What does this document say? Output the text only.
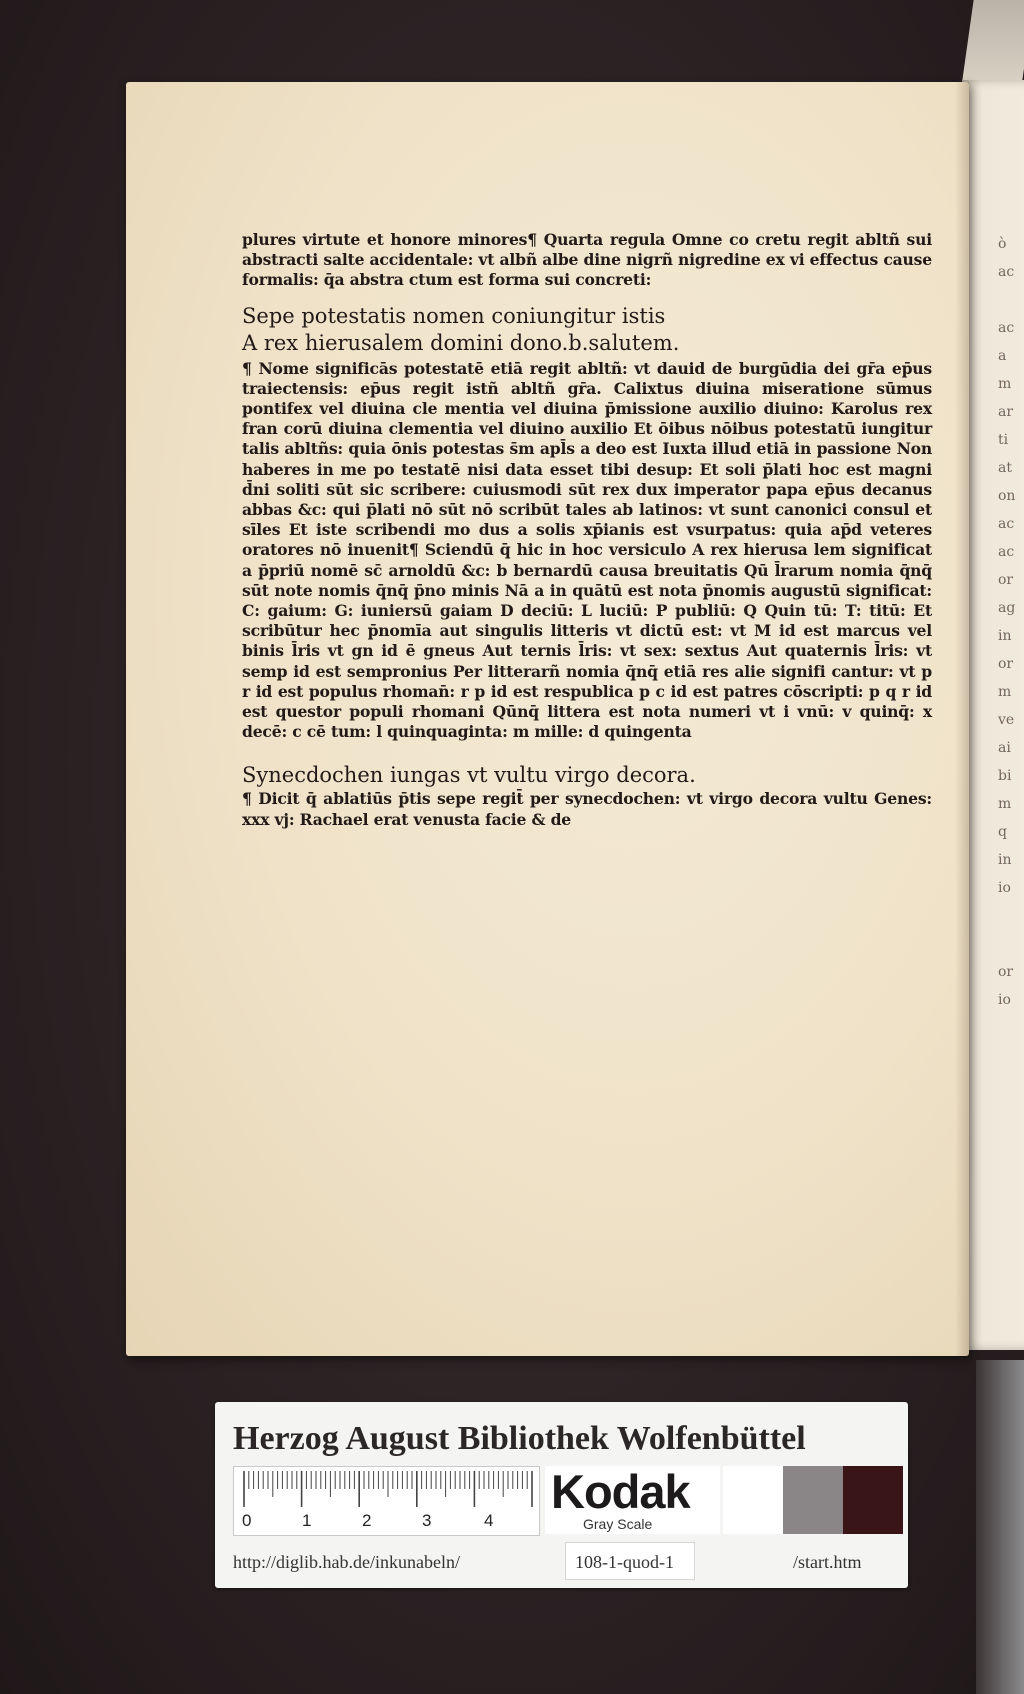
ò
ac

ac
a
m
ar
ti
at
on
ac
ac
or
ag
in
or
m
ve
ai
bi
m
q
in
io

or
io

plures virtute et honore minores¶ Quarta regula Omne co cretu regit abltñ sui abstracti salte accidentale: vt albñ albe dine nigrñ nigredine ex vi effectus cause formalis: q̄a abstra ctum est forma sui concreti:

Sepe potestatis nomen coniungitur istis

A rex hierusalem domini dono.b.salutem.

¶ Nome significās potestatē etiā regit abltñ: vt dauid de burgūdia dei gr̄a ep̄us traiectensis: ep̄us regit istñ abltñ gr̄a. Calixtus diuina miseratione sūmus pontifex vel diuina cle mentia vel diuina p̄missione auxilio diuino: Karolus rex fran corū diuina clementia vel diuino auxilio Et ōibus nōibus potestatū iungitur talis abltñs: quia ōnis potestas s̄m apl̄s a deo est Iuxta illud etiā in passione Non haberes in me po testatē nisi data esset tibi desup: Et soli p̄lati hoc est magni d̄ni soliti sūt sic scribere: cuiusmodi sūt rex dux imperator papa ep̄us decanus abbas &c: qui p̄lati nō sūt nō scribūt tales ab latinos: vt sunt canonici consul et sīles Et iste scribendi mo dus a solis xp̄ianis est vsurpatus: quia ap̄d veteres oratores nō inuenit¶ Sciendū q̄ hic in hoc versiculo A rex hierusa lem significat a p̄priū nomē sc̄ arnoldū &c: b bernardū causa breuitatis Qū l̄rarum nomia q̄nq̄ sūt note nomis q̄nq̄ p̄no minis Nā a in quātū est nota p̄nomis augustū significat: C: gaium: G: iuniersū gaiam D deciū: L luciū: P publiū: Q Quin tū: T: titū: Et scribūtur hec p̄nomīa aut singulis litteris vt dictū est: vt M id est marcus vel binis l̄ris vt gn id ē gneus Aut ternis l̄ris: vt sex: sextus Aut quaternis l̄ris: vt semp id est sempronius Per litterarñ nomia q̄nq̄ etiā res alie signifi cantur: vt p r id est populus rhoman̄: r p id est respublica p c id est patres cōscripti: p q r id est questor populi rhomani Qūnq̄ littera est nota numeri vt i vnū: v quinq̄: x decē: c cē tum: l quinquaginta: m mille: d quingenta

Synecdochen iungas vt vultu virgo decora.

¶ Dicit q̄ ablatiūs p̄tis sepe regit̄ per synecdochen: vt virgo decora vultu Genes: xxx vj: Rachael erat venusta facie & de

Herzog August Bibliothek Wolfenbüttel
0	1	2	3	4
Kodak
Gray Scale
http://diglib.hab.de/inkunabeln/	108-1-quod-1	/start.htm
